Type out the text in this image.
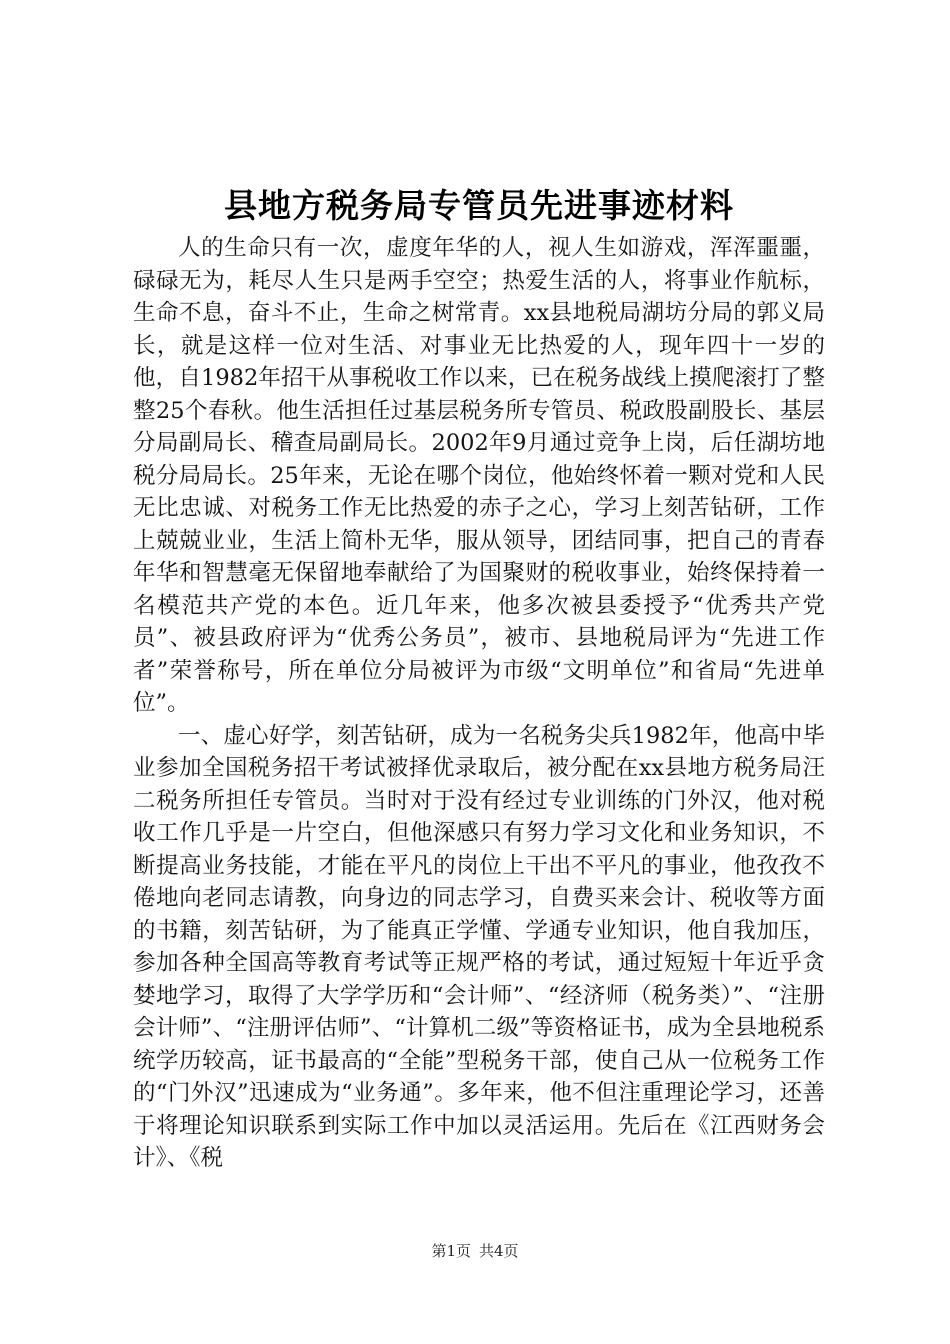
县地方税务局专管员先进事迹材料

人的生命只有一次，虚度年华的人，视人生如游戏，浑浑噩噩，碌碌无为，耗尽人生只是两手空空；热爱生活的人，将事业作航标，生命不息，奋斗不止，生命之树常青。xx县地税局湖坊分局的郭义局长，就是这样一位对生活、对事业无比热爱的人，现年四十一岁的他，自1982年招干从事税收工作以来，已在税务战线上摸爬滚打了整整25个春秋。他生活担任过基层税务所专管员、税政股副股长、基层分局副局长、稽查局副局长。2002年9月通过竞争上岗，后任湖坊地税分局局长。25年来，无论在哪个岗位，他始终怀着一颗对党和人民无比忠诚、对税务工作无比热爱的赤子之心，学习上刻苦钻研，工作上兢兢业业，生活上简朴无华，服从领导，团结同事，把自己的青春年华和智慧毫无保留地奉献给了为国聚财的税收事业，始终保持着一名模范共产党的本色。近几年来，他多次被县委授予“优秀共产党员”、被县政府评为“优秀公务员”，被市、县地税局评为“先进工作者”荣誉称号，所在单位分局被评为市级“文明单位”和省局“先进单位”。

一、虚心好学，刻苦钻研，成为一名税务尖兵1982年，他高中毕业参加全国税务招干考试被择优录取后，被分配在xx县地方税务局汪二税务所担任专管员。当时对于没有经过专业训练的门外汉，他对税收工作几乎是一片空白，但他深感只有努力学习文化和业务知识，不断提高业务技能，才能在平凡的岗位上干出不平凡的事业，他孜孜不倦地向老同志请教，向身边的同志学习，自费买来会计、税收等方面的书籍，刻苦钻研，为了能真正学懂、学通专业知识，他自我加压，参加各种全国高等教育考试等正规严格的考试，通过短短十年近乎贪婪地学习，取得了大学学历和“会计师”、“经济师（税务类）”、“注册会计师”、“注册评估师”、“计算机二级”等资格证书，成为全县地税系统学历较高，证书最高的“全能”型税务干部，使自己从一位税务工作的“门外汉”迅速成为“业务通”。多年来，他不但注重理论学习，还善于将理论知识联系到实际工作中加以灵活运用。先后在《江西财务会计》、《税

第1页 共4页
